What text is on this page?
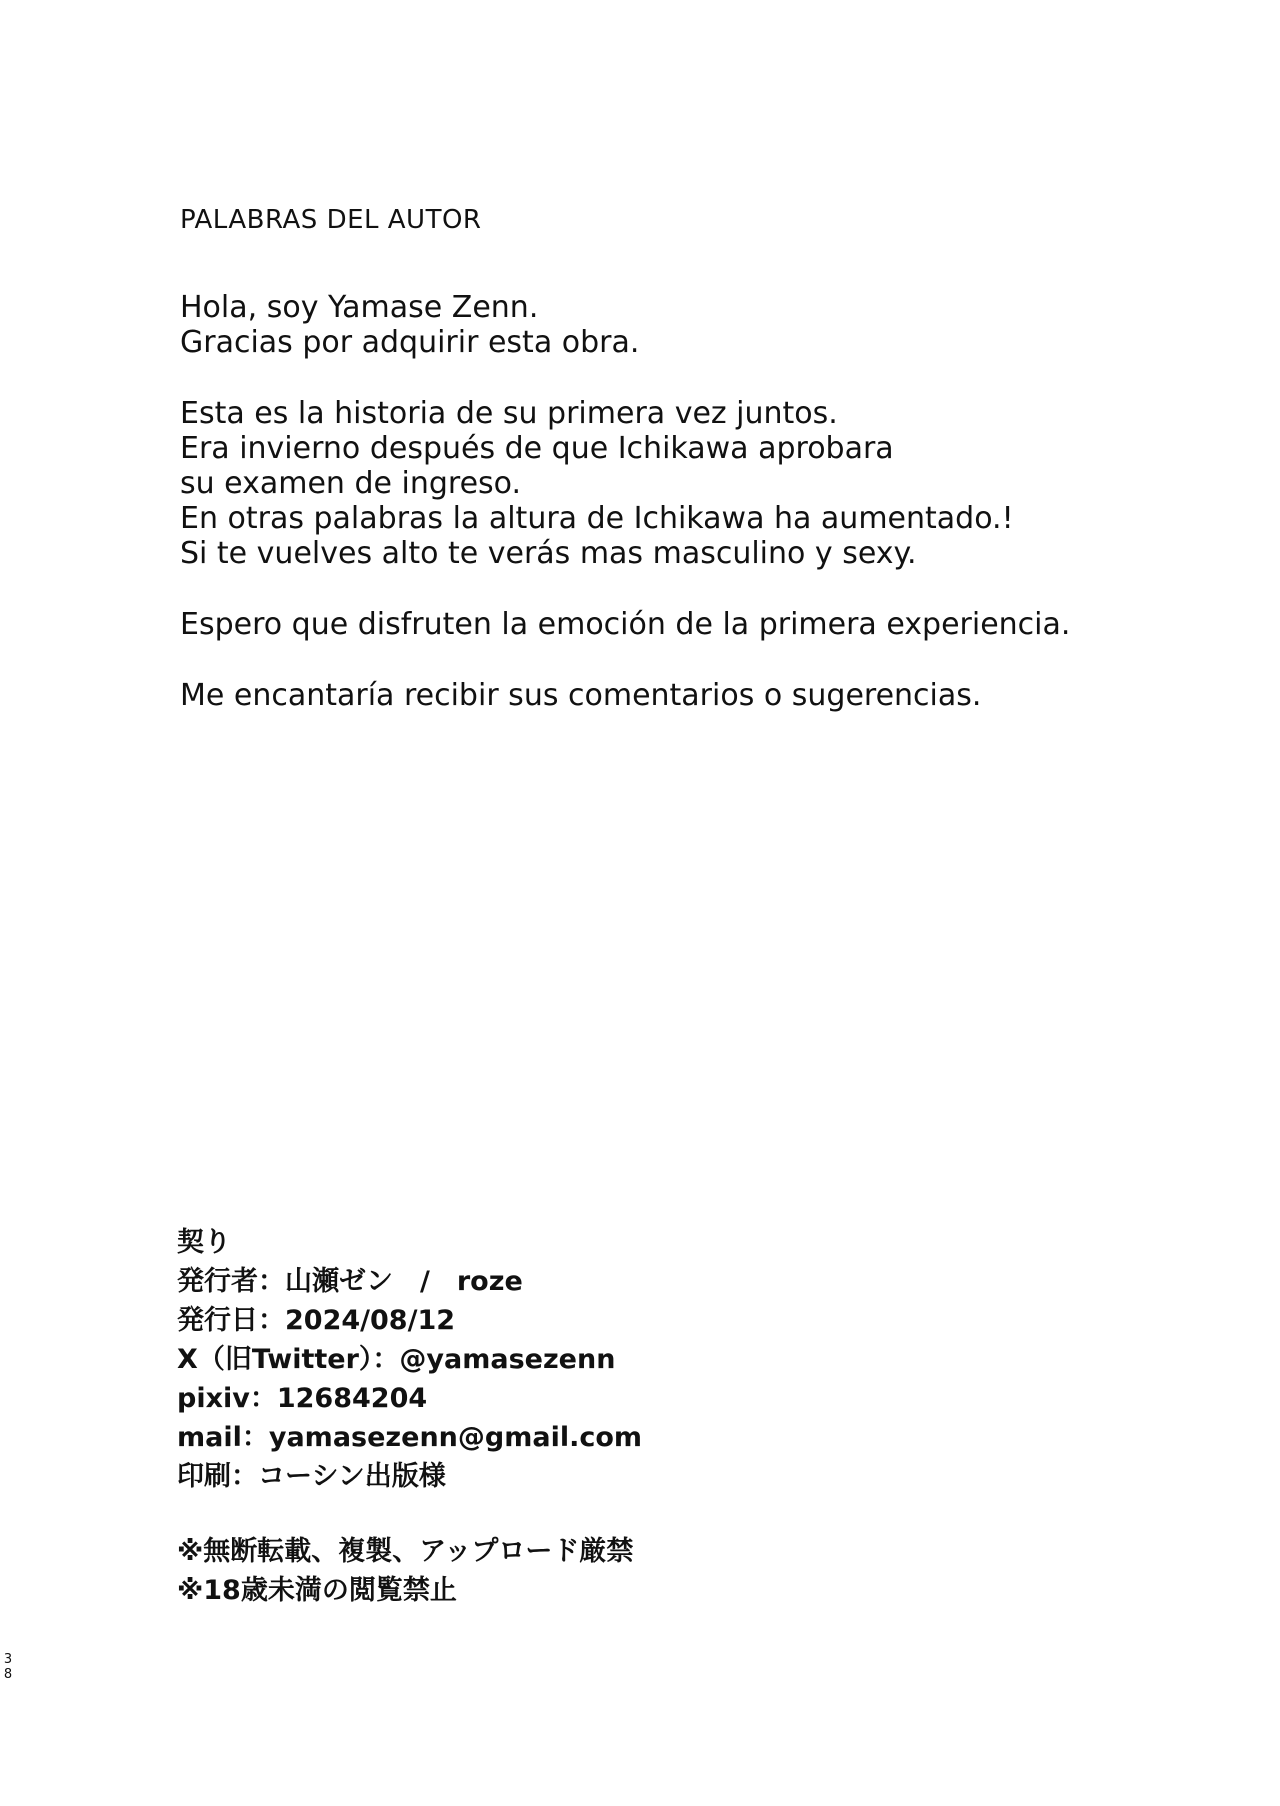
PALABRAS DEL AUTOR
Hola, soy Yamase Zenn.
Gracias por adquirir esta obra.
Esta es la historia de su primera vez juntos.
Era invierno después de que Ichikawa aprobara
su examen de ingreso.
En otras palabras la altura de Ichikawa ha aumentado.!
Si te vuelves alto te verás mas masculino y sexy.
Espero que disfruten la emoción de la primera experiencia.
Me encantaría recibir sus comentarios o sugerencias.
契り
発行者：山瀬ゼン　/　roze
発行日：2024/08/12
X（旧Twitter）：@yamasezenn
pixiv：12684204
mail：yamasezenn@gmail.com
印刷：コーシン出版様
※無断転載、複製、アップロード厳禁
※18歳未満の閲覧禁止
3
8
